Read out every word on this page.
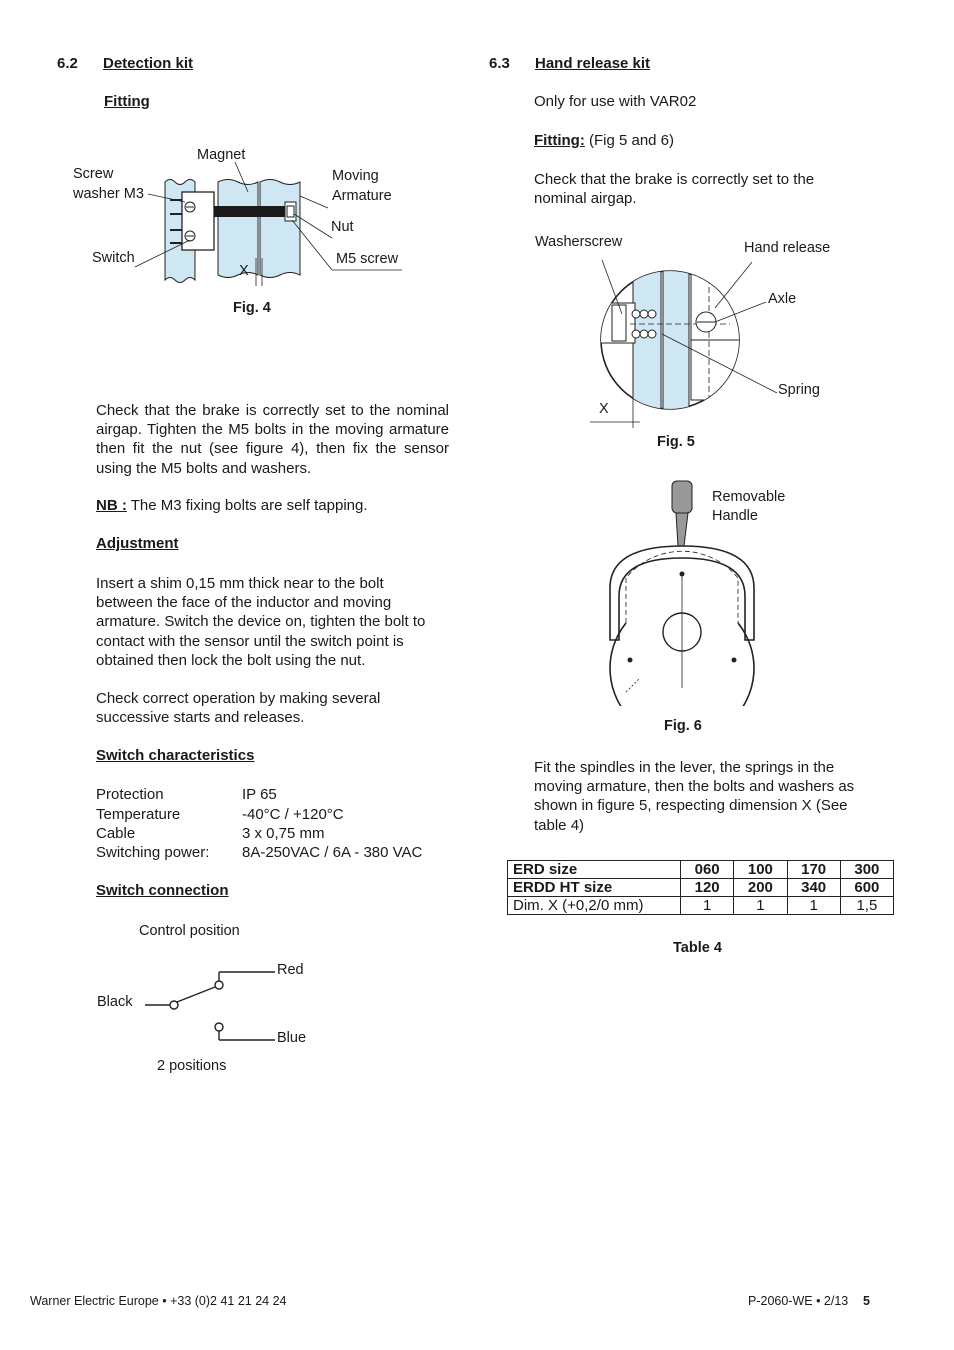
6.2 Detection kit
Fitting
Magnet
Screw
washer M3
Moving
Armature
Nut
Switch
X
M5 screw
Fig. 4
Check that the brake is correctly set to the nominal airgap. Tighten the M5 bolts in the moving armature then fit the nut (see figure 4), then fix the sensor using the M5 bolts and washers.
NB : The M3 fixing bolts are self tapping.
Adjustment
Insert a shim 0,15 mm thick near to the bolt between the face of the inductor and moving armature. Switch the device on, tighten the bolt to contact with the sensor until the switch point is obtained then lock the bolt using the nut.
Check correct operation by making several successive starts and releases.
Switch characteristics
Protection	IP 65
Temperature	-40°C / +120°C
Cable	3 x 0,75 mm
Switching power: 8A-250VAC / 6A - 380 VAC
Switch connection
Control position
Red
Black
Blue
2 positions
6.3 Hand release kit
Only for use with VAR02
Fitting: (Fig 5 and 6)
Check that the brake is correctly set to the nominal airgap.
Washerscrew	Hand release
Axle
Spring
X
Fig. 5
Removable
Handle
Fig. 6
Fit the spindles in the lever, the springs in the moving armature, then the bolts and washers as shown in figure 5, respecting dimension X (See table 4)
ERD size	060	100	170	300
ERDD HT size	120	200	340	600
Dim. X (+0,2/0 mm)	1	1	1	1,5
Table 4
Warner Electric Europe • +33 (0)2 41 21 24 24	P-2060-WE • 2/13 5
